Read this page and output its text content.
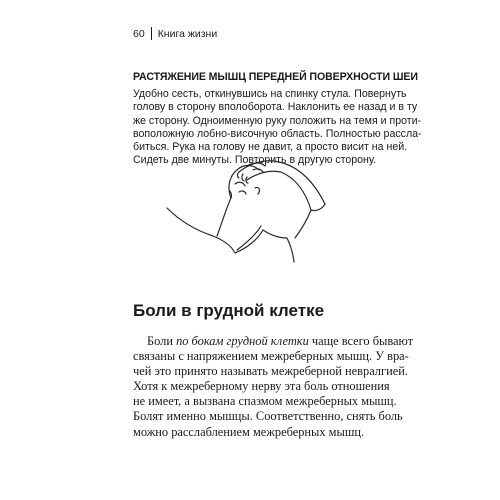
60 Книга жизни
РАСТЯЖЕНИЕ МЫШЦ ПЕРЕДНЕЙ ПОВЕРХНОСТИ ШЕИ
Удобно сесть, откинувшись на спинку стула. Повернуть
голову в сторону вполоборота. Наклонить ее назад и в ту
же сторону. Одноименную руку положить на темя и проти-
воположную лобно-височную область. Полностью рассла-
биться. Рука на голову не давит, а просто висит на ней.
Сидеть две минуты. Повторить в другую сторону.
Боли в грудной клетке
Боли по бокам грудной клетки чаще всего бывают
связаны с напряжением межреберных мышц. У вра-
чей это принято называть межреберной невралгией.
Хотя к межреберному нерву эта боль отношения
не имеет, а вызвана спазмом межреберных мышц.
Болят именно мышцы. Соответственно, снять боль
можно расслаблением межреберных мышц.
